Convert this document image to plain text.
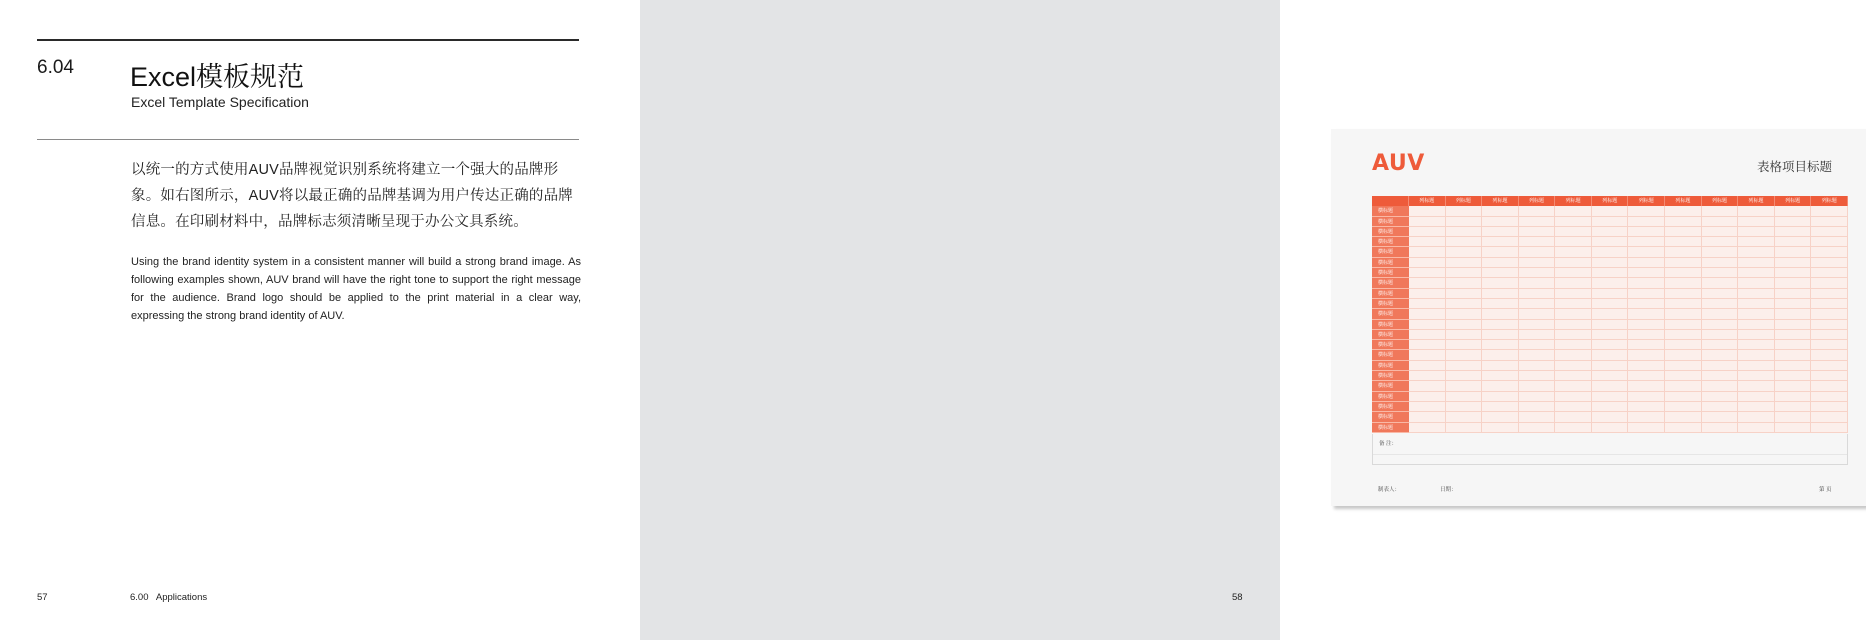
6.04 Excel模板规范
Excel Template Specification
以统一的方式使用AUV品牌视觉识别系统将建立一个强大的品牌形象。如右图所示，AUV将以最正确的品牌基调为用户传达正确的品牌信息。在印刷材料中，品牌标志须清晰呈现于办公文具系统。
Using the brand identity system in a consistent manner will build a strong brand image. As following examples shown, AUV brand will have the right tone to support the right message for the audience. Brand logo should be applied to the print material in a clear way, expressing the strong brand identity of AUV.
57	6.00   Applications
AUV	表格项目标题
列标题	列标题	列标题	列标题	列标题	列标题	列标题	列标题	列标题	列标题	列标题	列标题
横标题
横标题
横标题
横标题
横标题
横标题
横标题
横标题
横标题
横标题
横标题
横标题
横标题
横标题
横标题
横标题
横标题
横标题
横标题
横标题
横标题
横标题
备 注：
制表人：	日期：	第 页
58
